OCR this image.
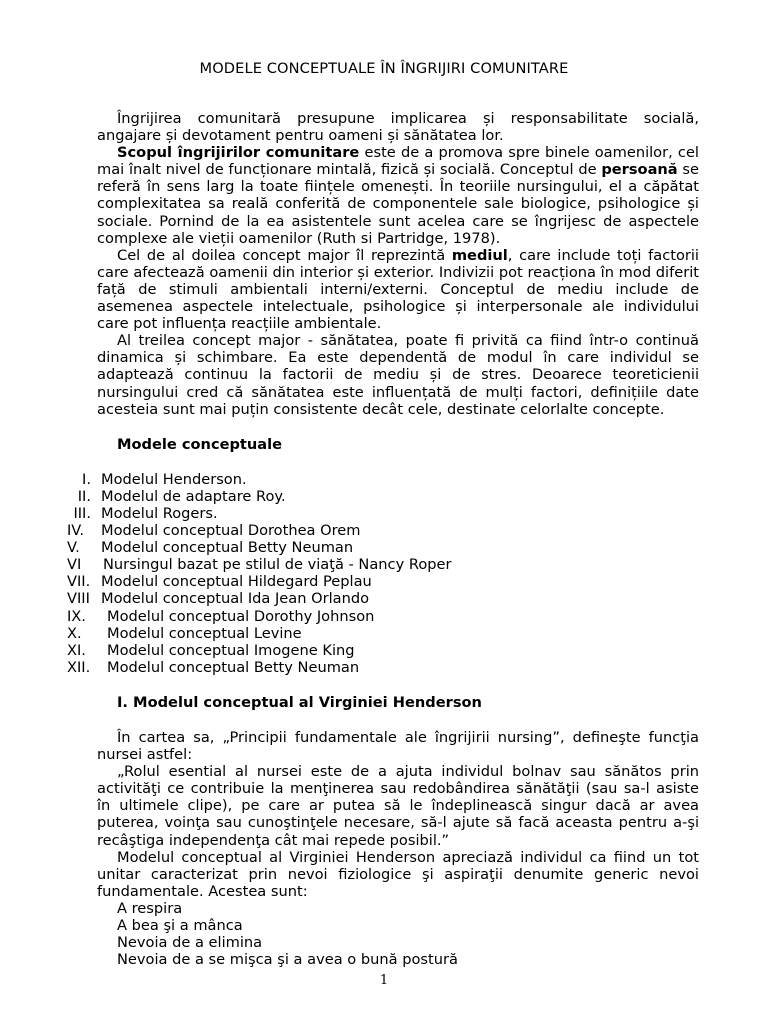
MODELE CONCEPTUALE ÎN ÎNGRIJIRI COMUNITARE

Îngrijirea comunitară presupune implicarea și responsabilitate socială, angajare și devotament pentru oameni și sănătatea lor.

Scopul îngrijirilor comunitare este de a promova spre binele oamenilor, cel mai înalt nivel de funcționare mintală, fizică și socială. Conceptul de persoană se referă în sens larg la toate ființele omenești. În teoriile nursingului, el a căpătat complexitatea sa reală conferită de componentele sale biologice, psihologice și sociale. Pornind de la ea asistentele sunt acelea care se îngrijesc de aspectele complexe ale vieții oamenilor (Ruth si Partridge, 1978).

Cel de al doilea concept major îl reprezintă mediul, care include toți factorii care afectează oamenii din interior și exterior. Indivizii pot reacționa în mod diferit față de stimuli ambientali interni/externi. Conceptul de mediu include de asemenea aspectele intelectuale, psihologice și interpersonale ale individului care pot influența reacțiile ambientale.

Al treilea concept major - sănătatea, poate fi privită ca fiind într-o continuă dinamica și schimbare. Ea este dependentă de modul în care individul se adaptează continuu la factorii de mediu și de stres. Deoarece teoreticienii nursingului cred că sănătatea este influențată de mulți factori, definițiile date acesteia sunt mai puțin consistente decât cele, destinate celorlalte concepte.

Modele conceptuale

I. Modelul Henderson.
II. Modelul de adaptare Roy.
III. Modelul Rogers.
IV.	Modelul conceptual Dorothea Orem
V.	Modelul conceptual Betty Neuman
VI	Nursingul bazat pe stilul de viaţă - Nancy Roper
VII. Modelul conceptual Hildegard Peplau
VIII Modelul conceptual Ida Jean Orlando
IX.	Modelul conceptual Dorothy Johnson
X.	Modelul conceptual Levine
XI.	Modelul conceptual Imogene King
XII.	Modelul conceptual Betty Neuman

I. Modelul conceptual al Virginiei Henderson

În cartea sa, „Principii fundamentale ale îngrijirii nursing”, defineşte funcţia nursei astfel:

„Rolul esential al nursei este de a ajuta individul bolnav sau sănătos prin activităţi ce contribuie la menţinerea sau redobândirea sănătăţii (sau sa-l asiste în ultimele clipe), pe care ar putea să le îndeplinească singur dacă ar avea puterea, voinţa sau cunoştinţele necesare, să-l ajute să facă aceasta pentru a-şi recâştiga independenţa cât mai repede posibil.”

Modelul conceptual al Virginiei Henderson apreciază individul ca fiind un tot unitar caracterizat prin nevoi fiziologice şi aspiraţii denumite generic nevoi fundamentale. Acestea sunt:

A respira
A bea şi a mânca
Nevoia de a elimina
Nevoia de a se mişca şi a avea o bună postură
1
